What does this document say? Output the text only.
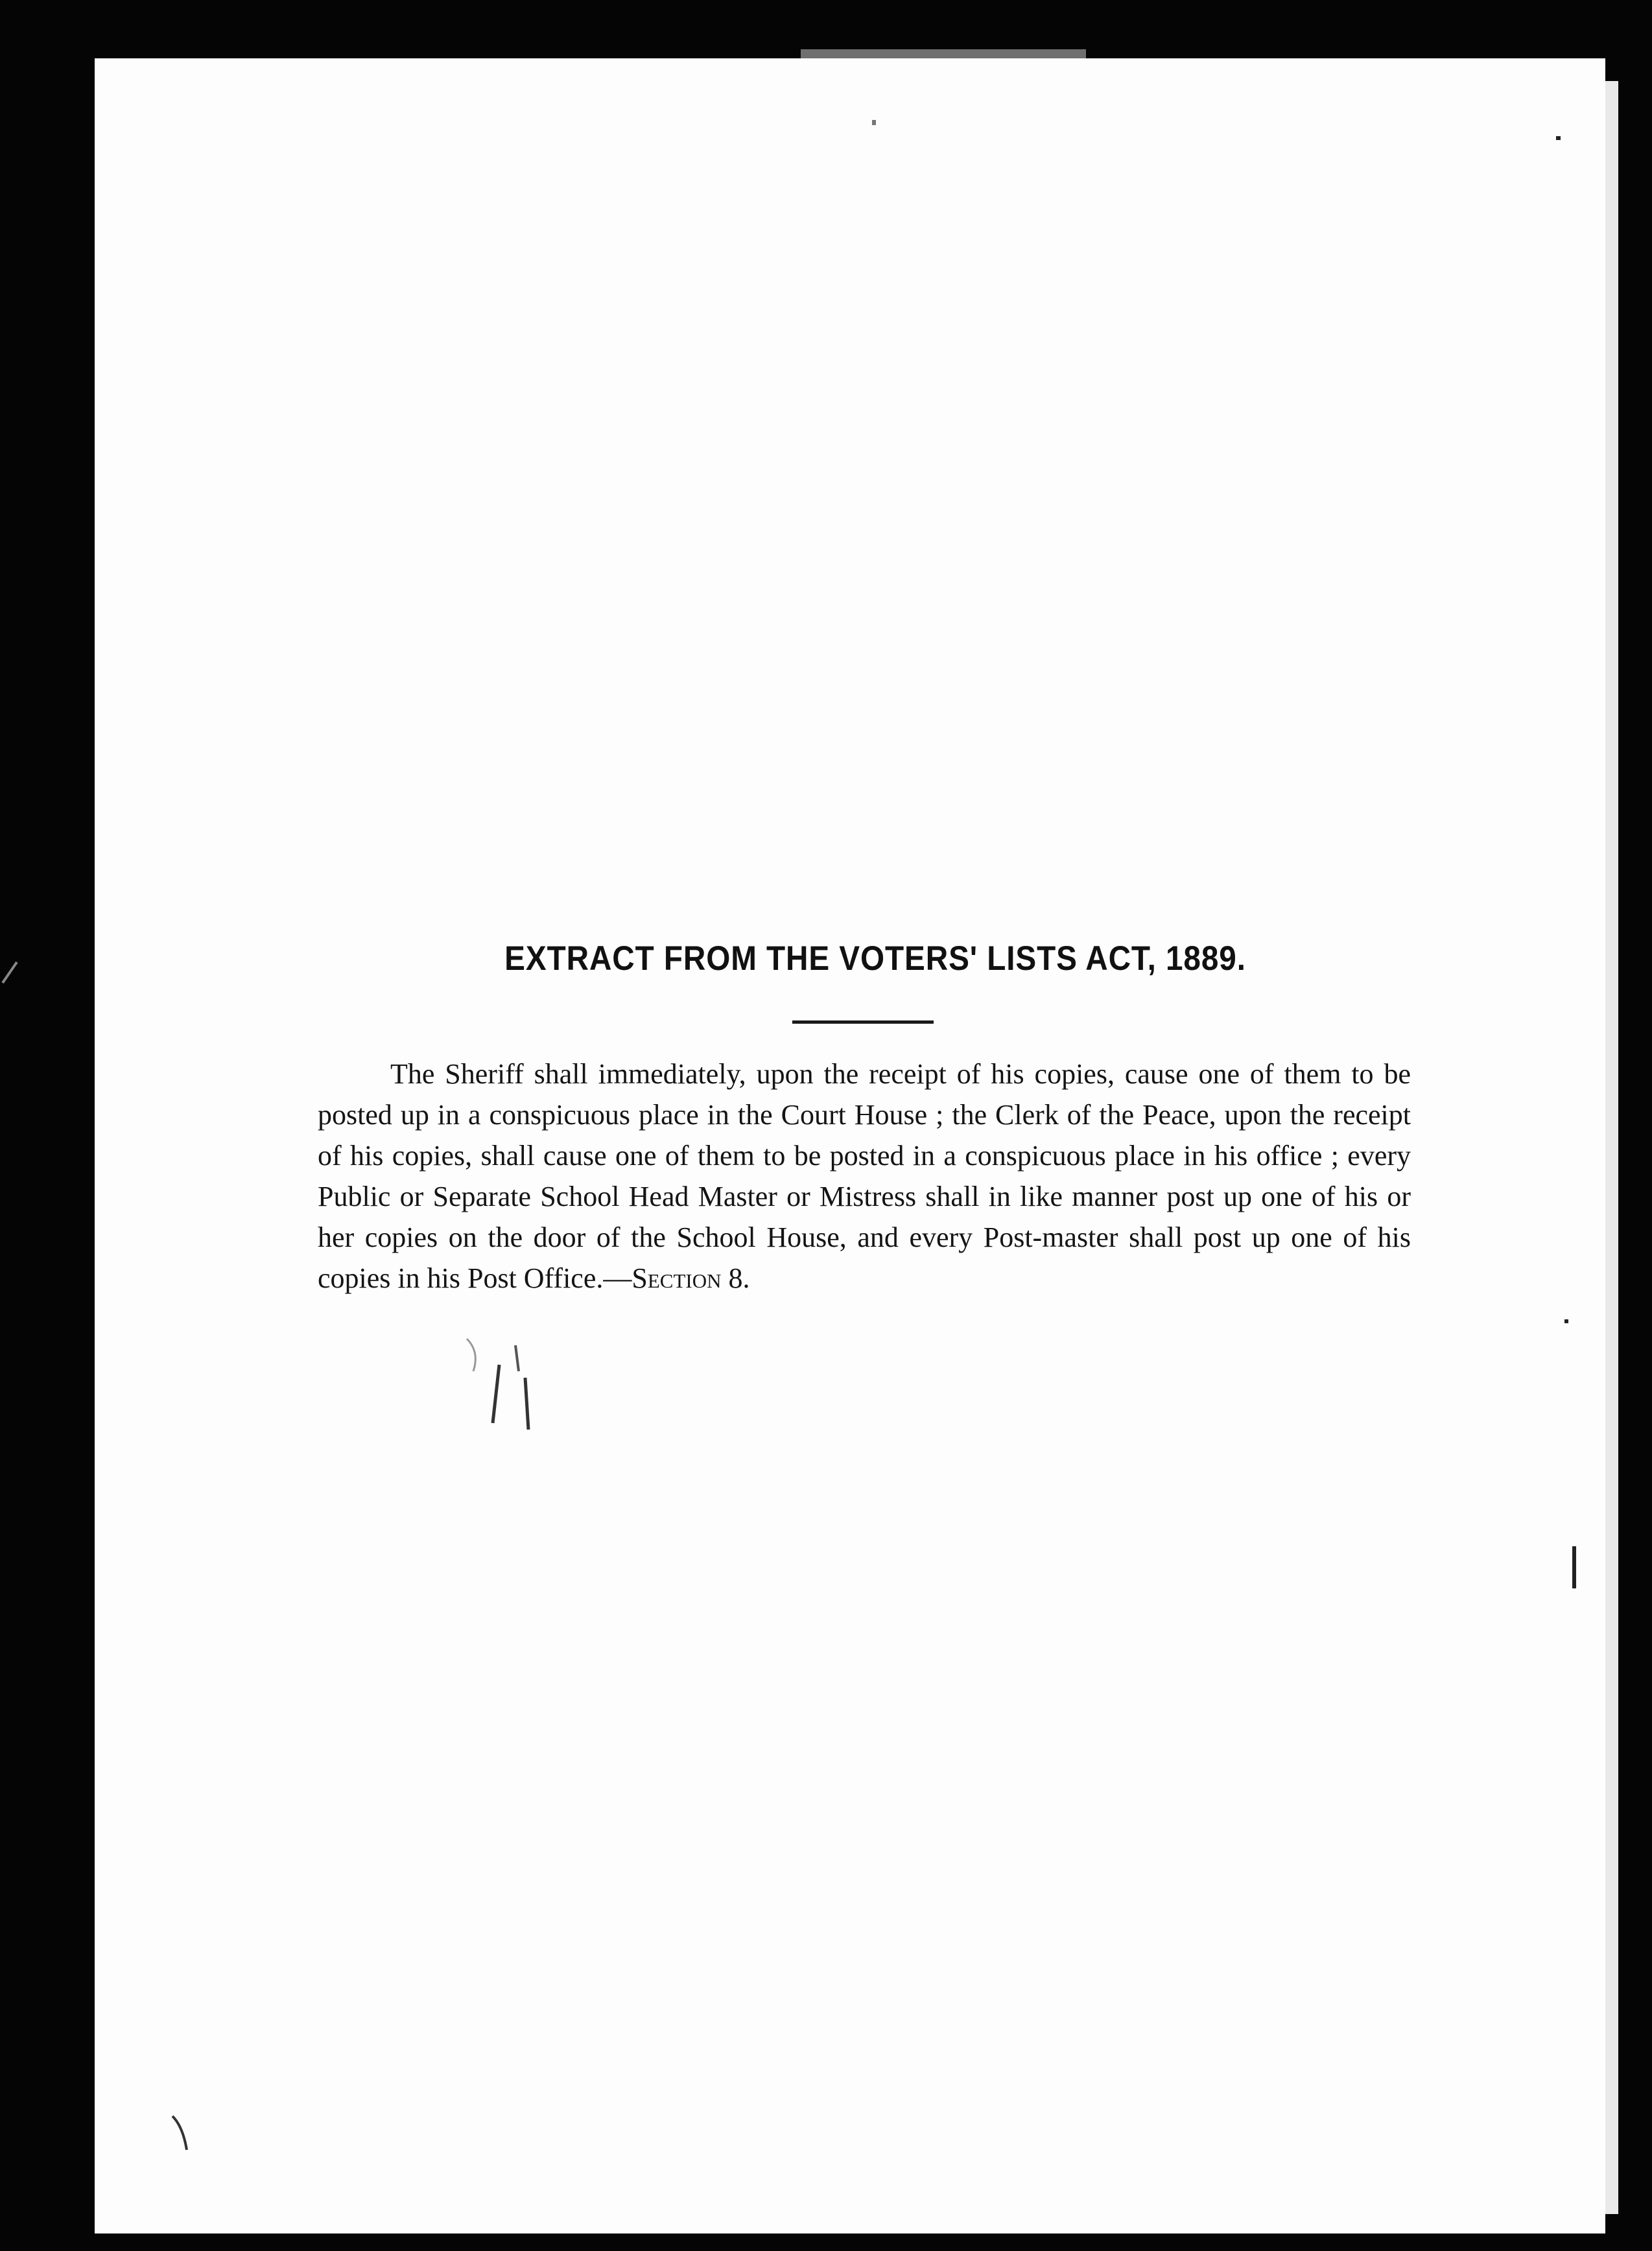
EXTRACT FROM THE VOTERS' LISTS ACT, 1889.

The Sheriff shall immediately, upon the receipt of his copies, cause one of them to be posted up in a conspicuous place in the Court House ; the Clerk of the Peace, upon the receipt of his copies, shall cause one of them to be posted in a conspicuous place in his office ; every Public or Separate School Head Master or Mistress shall in like manner post up one of his or her copies on the door of the School House, and every Post-master shall post up one of his copies in his Post Office.—Section 8.
